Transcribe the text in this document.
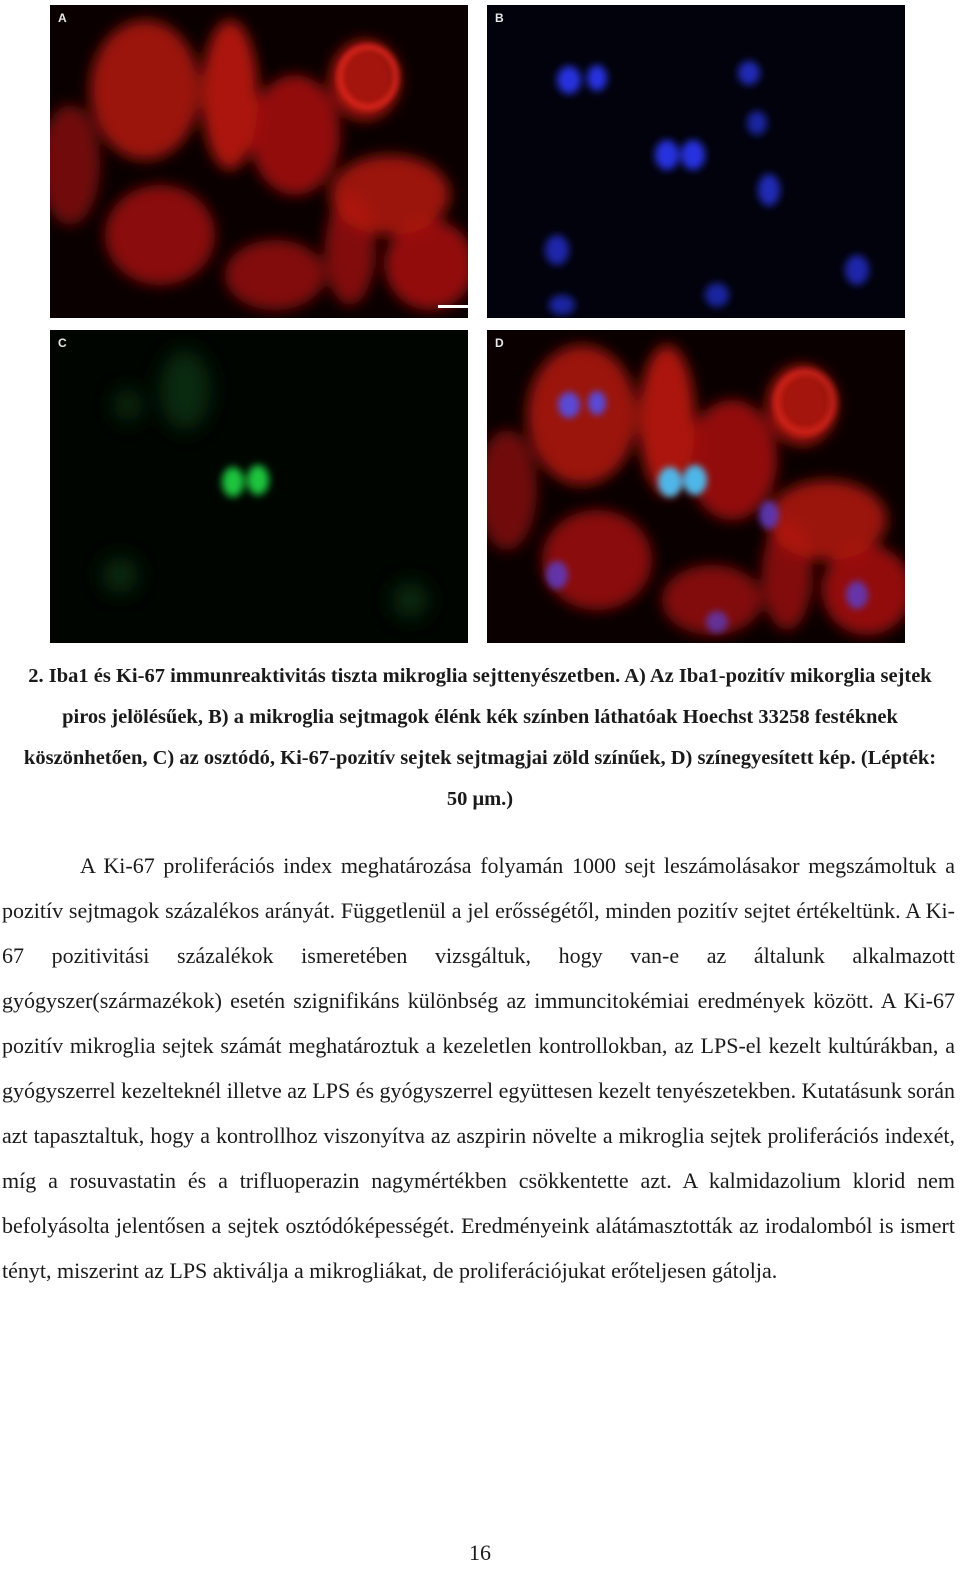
A	B
C	D
2. Iba1 és Ki-67 immunreaktivitás tiszta mikroglia sejttenyészetben. A) Az Iba1-pozitív mikorglia sejtek piros jelölésűek, B) a mikroglia sejtmagok élénk kék színben láthatóak Hoechst 33258 festéknek köszönhetően, C) az osztódó, Ki-67-pozitív sejtek sejtmagjai zöld színűek, D) színegyesített kép. (Lépték: 50 μm.)
A Ki-67 proliferációs index meghatározása folyamán 1000 sejt leszámolásakor megszámoltuk a pozitív sejtmagok százalékos arányát. Függetlenül a jel erősségétől, minden pozitív sejtet értékeltünk. A Ki-67 pozitivitási százalékok ismeretében vizsgáltuk, hogy van-e az általunk alkalmazott gyógyszer(származékok) esetén szignifikáns különbség az immuncitokémiai eredmények között. A Ki-67 pozitív mikroglia sejtek számát meghatároztuk a kezeletlen kontrollokban, az LPS-el kezelt kultúrákban, a gyógyszerrel kezelteknél illetve az LPS és gyógyszerrel együttesen kezelt tenyészetekben. Kutatásunk során azt tapasztaltuk, hogy a kontrollhoz viszonyítva az aszpirin növelte a mikroglia sejtek proliferációs indexét, míg a rosuvastatin és a trifluoperazin nagymértékben csökkentette azt. A kalmidazolium klorid nem befolyásolta jelentősen a sejtek osztódóképességét. Eredményeink alátámasztották az irodalomból is ismert tényt, miszerint az LPS aktiválja a mikrogliákat, de proliferációjukat erőteljesen gátolja.
16
